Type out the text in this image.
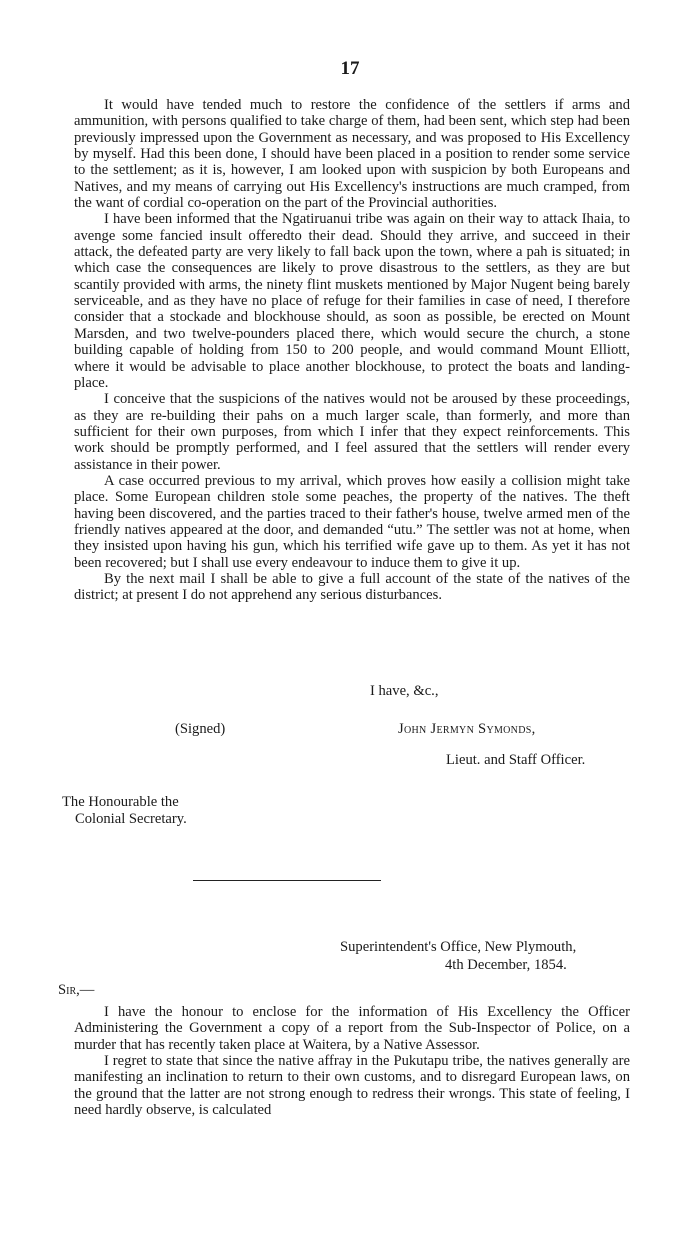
17

It would have tended much to restore the confidence of the settlers if arms and ammunition, with persons qualified to take charge of them, had been sent, which step had been previously impressed upon the Government as necessary, and was proposed to His Excellency by myself. Had this been done, I should have been placed in a position to render some service to the settlement; as it is, however, I am looked upon with suspicion by both Europeans and Natives, and my means of carrying out His Excellency's instructions are much cramped, from the want of cordial co-operation on the part of the Provincial authorities.

I have been informed that the Ngatiruanui tribe was again on their way to attack Ihaia, to avenge some fancied insult offeredto their dead. Should they arrive, and succeed in their attack, the defeated party are very likely to fall back upon the town, where a pah is situated; in which case the consequences are likely to prove disastrous to the settlers, as they are but scantily provided with arms, the ninety flint muskets mentioned by Major Nugent being barely serviceable, and as they have no place of refuge for their families in case of need, I therefore consider that a stockade and blockhouse should, as soon as possible, be erected on Mount Marsden, and two twelve-pounders placed there, which would secure the church, a stone building capable of holding from 150 to 200 people, and would command Mount Elliott, where it would be advisable to place another blockhouse, to protect the boats and landing-place.

I conceive that the suspicions of the natives would not be aroused by these proceedings, as they are re-building their pahs on a much larger scale, than formerly, and more than sufficient for their own purposes, from which I infer that they expect reinforcements. This work should be promptly performed, and I feel assured that the settlers will render every assistance in their power.

A case occurred previous to my arrival, which proves how easily a collision might take place. Some European children stole some peaches, the property of the natives. The theft having been discovered, and the parties traced to their father's house, twelve armed men of the friendly natives appeared at the door, and demanded “utu.” The settler was not at home, when they insisted upon having his gun, which his terrified wife gave up to them. As yet it has not been recovered; but I shall use every endeavour to induce them to give it up.

By the next mail I shall be able to give a full account of the state of the natives of the district; at present I do not apprehend any serious disturbances.

I have, &c.,
(Signed)	John Jermyn Symonds,
Lieut. and Staff Officer.
The Honourable the
Colonial Secretary.
Superintendent's Office, New Plymouth,
4th December, 1854.
Sir,—

I have the honour to enclose for the information of His Excellency the Officer Administering the Government a copy of a report from the Sub-Inspector of Police, on a murder that has recently taken place at Waitera, by a Native Assessor.

I regret to state that since the native affray in the Pukutapu tribe, the natives generally are manifesting an inclination to return to their own customs, and to disregard European laws, on the ground that the latter are not strong enough to redress their wrongs. This state of feeling, I need hardly observe, is calculated
